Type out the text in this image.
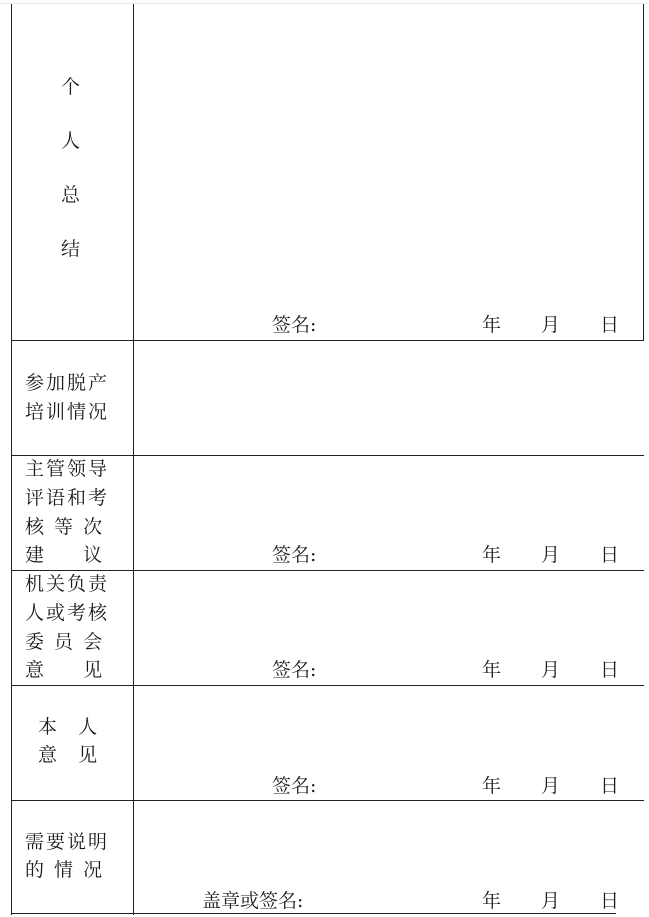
个
人
总
结
签名:	年 月 日
参加脱产
培训情况
主管领导
评语和考
核 等 次
建    议	签名:	年 月 日
机关负责
人或考核
委 员 会
意    见	签名:	年 月 日
本  人
意  见
签名:	年 月 日
需要说明
的 情 况
盖章或签名:	年 月 日
